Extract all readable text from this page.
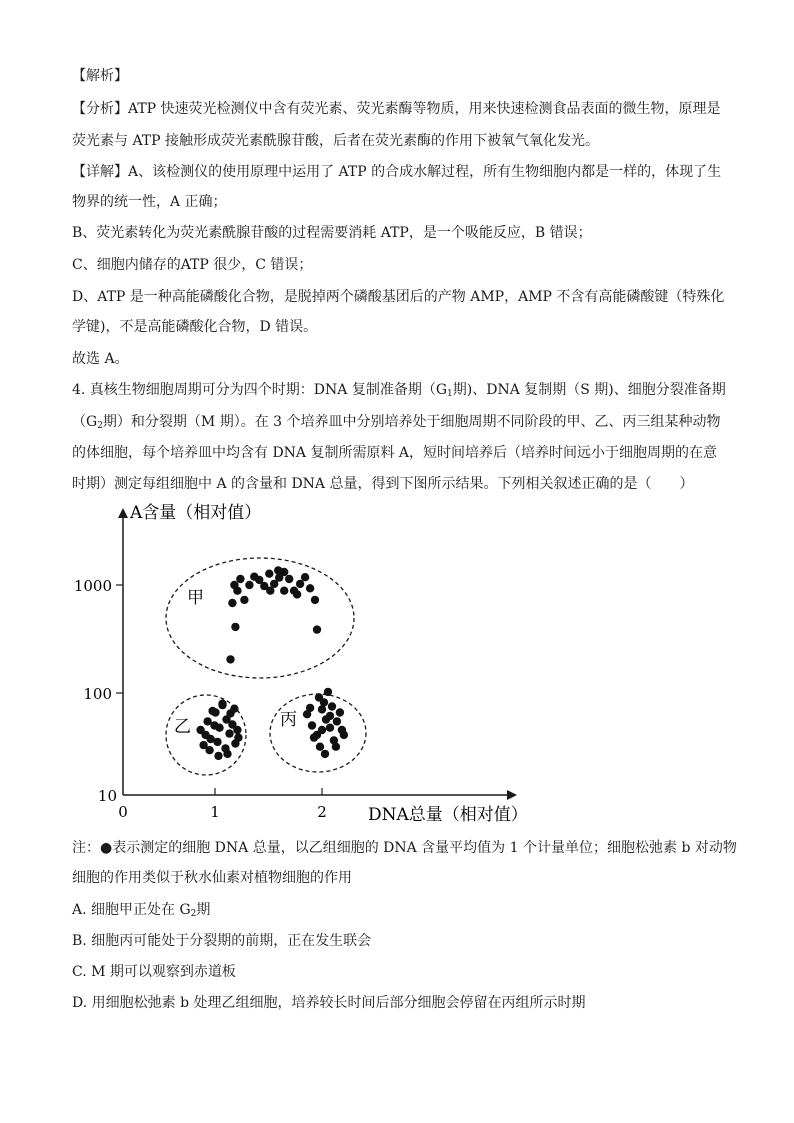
【解析】
【分析】ATP 快速荧光检测仪中含有荧光素、荧光素酶等物质，用来快速检测食品表面的微生物，原理是
荧光素与 ATP 接触形成荧光素酰腺苷酸，后者在荧光素酶的作用下被氧气氧化发光。
【详解】A、该检测仪的使用原理中运用了 ATP 的合成水解过程，所有生物细胞内都是一样的，体现了生
物界的统一性，A 正确；
B、荧光素转化为荧光素酰腺苷酸的过程需要消耗 ATP，是一个吸能反应，B 错误；
C、细胞内储存的ATP 很少，C 错误；
D、ATP 是一种高能磷酸化合物，是脱掉两个磷酸基团后的产物 AMP，AMP 不含有高能磷酸键（特殊化
学键)，不是高能磷酸化合物，D 错误。
故选 A。
4. 真核生物细胞周期可分为四个时期：DNA 复制准备期（$G_1$期)、DNA 复制期（S 期)、细胞分裂准备期
（$G_2$期）和分裂期（M 期）。在 3 个培养皿中分别培养处于细胞周期不同阶段的甲、乙、丙三组某种动物
的体细胞，每个培养皿中均含有 DNA 复制所需原料 A，短时间培养后（培养时间远小于细胞周期的在意
时期）测定每组细胞中 A 的含量和 DNA 总量，得到下图所示结果。下列相关叙述正确的是（　　）
A含量（相对值）
DNA总量（相对值）
1000
100
10
0	1	2
甲
乙	丙
注：●表示测定的细胞 DNA 总量，以乙组细胞的 DNA 含量平均值为 1 个计量单位；细胞松弛素 b 对动物
细胞的作用类似于秋水仙素对植物细胞的作用
A. 细胞甲正处在 $G_2$期
B. 细胞丙可能处于分裂期的前期，正在发生联会
C. M 期可以观察到赤道板
D. 用细胞松弛素 b 处理乙组细胞，培养较长时间后部分细胞会停留在丙组所示时期
